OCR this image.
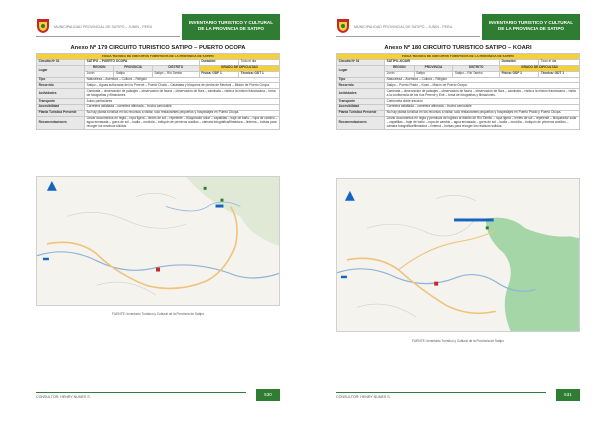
MUNICIPALIDAD PROVINCIAL DE SATIPO – JUNIN - PERU
INVENTARIO TURISTICO Y CULTURAL
DE LA PROVINCIA DE SATIPO
Anexo Nº 179 CIRCUITO TURISTICO SATIPO – PUERTO OCOPA
FICHA TECNICA DE CIRCUITOS TURISTICOS DE LA PROVINCIA DE SATIPO					
Circuito Nº 01	SATIPO – PUERTO OCOPA			Duración:	Todo el dia
Lugar	REGION	PROVINCIA	DISTRITO	GRADO DE DIFICULTAD	
	Junín	Satipo	Satipo – Rio Tambo	Física: GDF 1	Técnica: GDT 1
Tipo	Naturaleza – Aventura – Cultura – Religión				
Recorrido	Satipo – Aguas sulfurosas del río Perené – Puerto Chata – Cataratas y bloqueos de piedra de Mentuni – Misión de Puerto Ocopa.				
Actividades	Caminata – observación de paisajes – observación de fauna – observación de flora – caminata – visita a la misión franciscana – toma de fotografías y filmaciones				
Transporte	Autos particulares				
Accesibilidad	Carretera asfaltada – carretera afirmada – trocha carrozable				
Planta Turística Presente	No hay planta turística en los recursos a visitar, solo restaurantes pequeños y hospedajes en Puerto Ocopa.				
Recomendaciones	Llevar documentos en regla – ropa ligera – lentes de sol – repelente – bloqueador solar – zapatillas – traje de baño – ropa de cambio – agua envasada – gorra de sol – toalla – mochila – botiquín de primeros auxilios – cámara fotográfica/filmadora – linterna – bolsas para recoger los residuos sólidos.				
FUENTE: Inventario Turístico y Cultural de la Provincia de Satipo
CONSULTOR: HENRY NUNES S.	530
MUNICIPALIDAD PROVINCIAL DE SATIPO – JUNIN - PERU
INVENTARIO TURISTICO Y CULTURAL
DE LA PROVINCIA DE SATIPO
Anexo Nº 180 CIRCUITO TURISTICO SATIPO – KOARI
FICHA TECNICA DE CIRCUITOS TURISTICOS DE LA PROVINCIA DE SATIPO					
Circuito Nº 01	SATIPO–KOARI			Duración:	Todo el dia
Lugar	REGION	PROVINCIA	DISTRITO	GRADO DE DIFICULTAD	
	Junín	Satipo	Satipo – Rio Tambo	Física: GDF 1	Técnica: GDT 1
Tipo	Naturaleza – Aventura – Cultura – Religión				
Recorrido	Satipo – Puerto Prado – Koari – Misión de Puerto Ocopa.				
Actividades	Caminata – observación de paisajes – observación de fauna – observación de flora – caminata – visita a la misión franciscana – visita a la confluencia de los ríos Perené y Ene – toma de fotografías y filmaciones.				
Transporte	Camioneta doble tracción				
Accesibilidad	Carretera asfaltada – carretera afirmada – trocha carrozable				
Planta Turística Presente	No hay planta turística en los recursos a visitar, solo restaurantes pequeños y hospedajes en Puerto Prado y Puerto Ocopa.				
Recomendaciones	Llevar documentos en regla y permisos de ingreso al distrito de Río Tambo – ropa ligera – lentes de sol – repelente – bloqueador solar – zapatillas – traje de baño – ropa de cambio – agua envasada – gorra de sol – toalla – mochila – botiquín de primeros auxilios – cámara fotográfica/filmadora – linterna – bolsas para recoger los residuos sólidos.				
FUENTE: Inventario Turístico y Cultural de la Provincia de Satipo
CONSULTOR: HENRY NUNES S.	531
